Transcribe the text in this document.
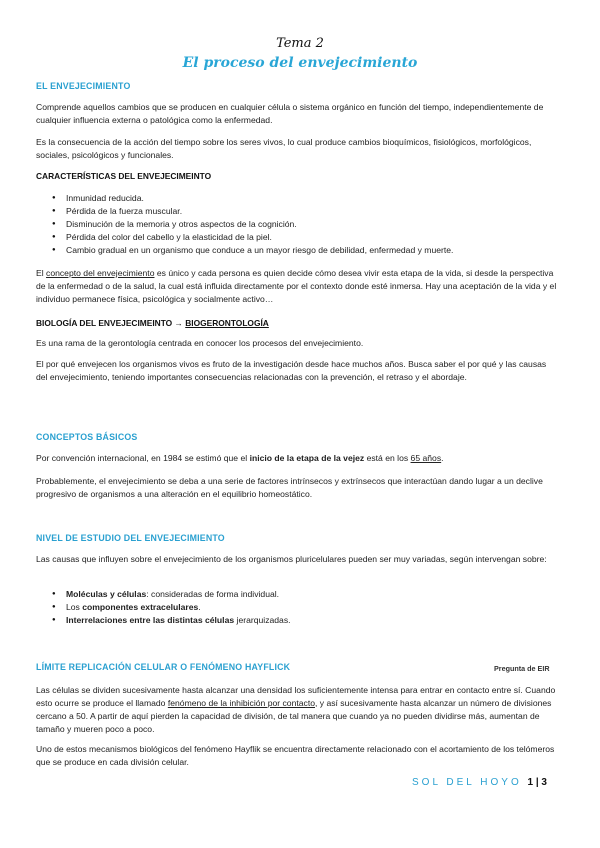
Tema 2
El proceso del envejecimiento
EL ENVEJECIMIENTO
Comprende aquellos cambios que se producen en cualquier célula o sistema orgánico en función del tiempo, independientemente de cualquier influencia externa o patológica como la enfermedad.
Es la consecuencia de la acción del tiempo sobre los seres vivos, lo cual produce cambios bioquímicos, fisiológicos, morfológicos, sociales, psicológicos y funcionales.
CARACTERÍSTICAS DEL ENVEJECIMEINTO
● Inmunidad reducida.
● Pérdida de la fuerza muscular.
● Disminución de la memoria y otros aspectos de la cognición.
● Pérdida del color del cabello y la elasticidad de la piel.
● Cambio gradual en un organismo que conduce a un mayor riesgo de debilidad, enfermedad y muerte.
El concepto del envejecimiento es único y cada persona es quien decide cómo desea vivir esta etapa de la vida, si desde la perspectiva de la enfermedad o de la salud, la cual está influida directamente por el contexto donde esté inmersa. Hay una aceptación de la vida y el individuo permanece física, psicológica y socialmente activo…
BIOLOGÍA DEL ENVEJECIMEINTO → BIOGERONTOLOGÍA
Es una rama de la gerontología centrada en conocer los procesos del envejecimiento.
El por qué envejecen los organismos vivos es fruto de la investigación desde hace muchos años. Busca saber el por qué y las causas del envejecimiento, teniendo importantes consecuencias relacionadas con la prevención, el retraso y el abordaje.
CONCEPTOS BÁSICOS
Por convención internacional, en 1984 se estimó que el inicio de la etapa de la vejez está en los 65 años.
Probablemente, el envejecimiento se deba a una serie de factores intrínsecos y extrínsecos que interactúan dando lugar a un declive progresivo de organismos a una alteración en el equilibrio homeostático.
NIVEL DE ESTUDIO DEL ENVEJECIMIENTO
Las causas que influyen sobre el envejecimiento de los organismos pluricelulares pueden ser muy variadas, según intervengan sobre:
● Moléculas y células: consideradas de forma individual.
● Los componentes extracelulares.
● Interrelaciones entre las distintas células jerarquizadas.
LÍMITE REPLICACIÓN CELULAR O FENÓMENO HAYFLICK	Pregunta de EIR
Las células se dividen sucesivamente hasta alcanzar una densidad los suficientemente intensa para entrar en contacto entre sí. Cuando esto ocurre se produce el llamado fenómeno de la inhibición por contacto, y así sucesivamente hasta alcanzar un número de divisiones cercano a 50. A partir de aquí pierden la capacidad de división, de tal manera que cuando ya no pueden dividirse más, aumentan de tamaño y mueren poco a poco.
Uno de estos mecanismos biológicos del fenómeno Hayflik se encuentra directamente relacionado con el acortamiento de los telómeros que se produce en cada división celular.
SOL DEL HOYO 1 | 3
